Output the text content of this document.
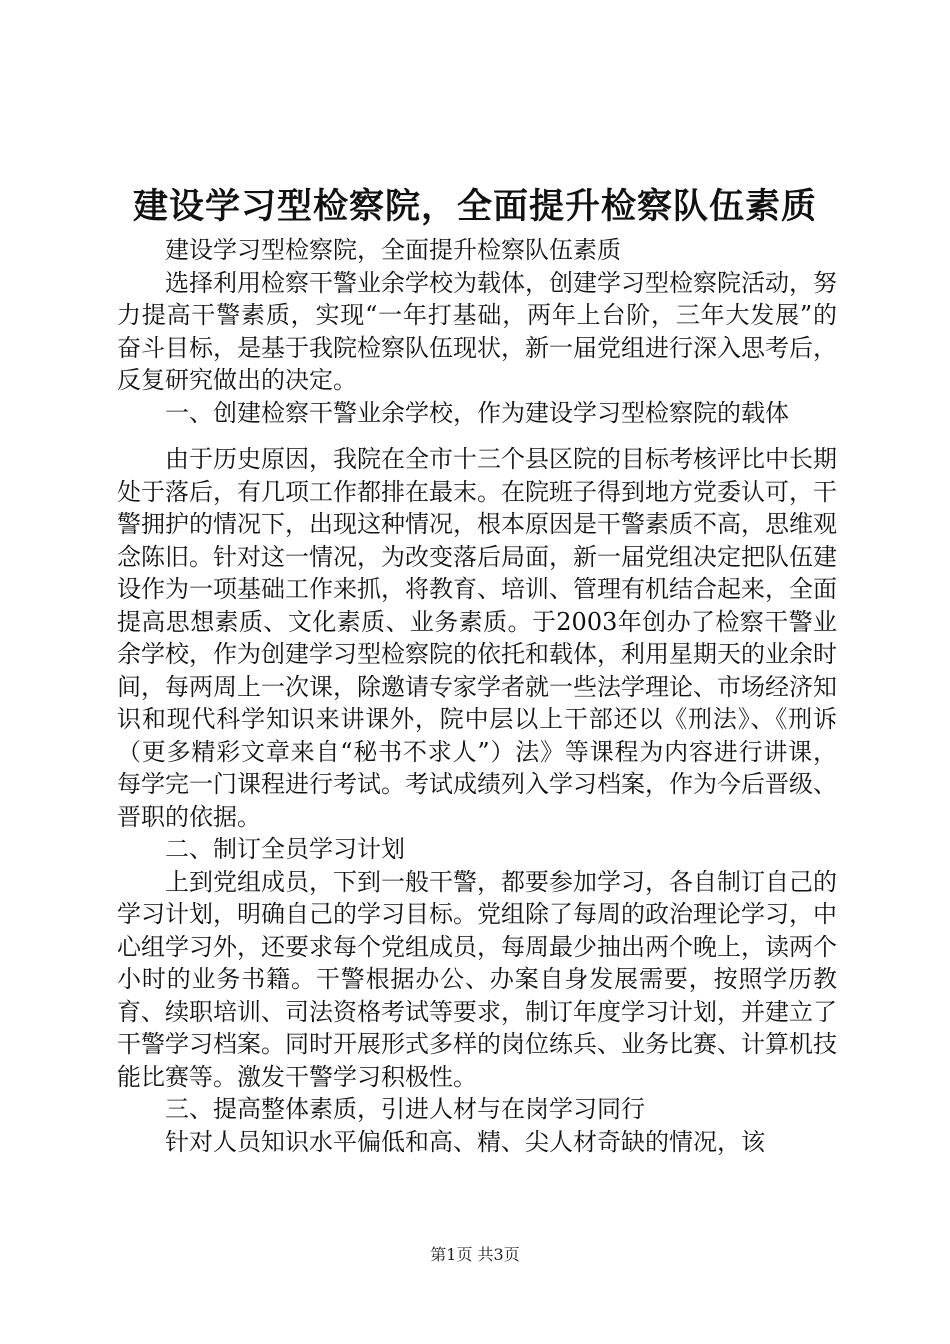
建设学习型检察院，全面提升检察队伍素质

建设学习型检察院，全面提升检察队伍素质

选择利用检察干警业余学校为载体，创建学习型检察院活动，努力提高干警素质，实现“一年打基础，两年上台阶，三年大发展”的奋斗目标，是基于我院检察队伍现状，新一届党组进行深入思考后，反复研究做出的决定。

一、创建检察干警业余学校，作为建设学习型检察院的载体

由于历史原因，我院在全市十三个县区院的目标考核评比中长期处于落后，有几项工作都排在最末。在院班子得到地方党委认可，干警拥护的情况下，出现这种情况，根本原因是干警素质不高，思维观念陈旧。针对这一情况，为改变落后局面，新一届党组决定把队伍建设作为一项基础工作来抓，将教育、培训、管理有机结合起来，全面提高思想素质、文化素质、业务素质。于2003年创办了检察干警业余学校，作为创建学习型检察院的依托和载体，利用星期天的业余时间，每两周上一次课，除邀请专家学者就一些法学理论、市场经济知识和现代科学知识来讲课外，院中层以上干部还以《刑法》、《刑诉（更多精彩文章来自“秘书不求人”）法》等课程为内容进行讲课，每学完一门课程进行考试。考试成绩列入学习档案，作为今后晋级、晋职的依据。

二、制订全员学习计划

上到党组成员，下到一般干警，都要参加学习，各自制订自己的学习计划，明确自己的学习目标。党组除了每周的政治理论学习，中心组学习外，还要求每个党组成员，每周最少抽出两个晚上，读两个小时的业务书籍。干警根据办公、办案自身发展需要，按照学历教育、续职培训、司法资格考试等要求，制订年度学习计划，并建立了干警学习档案。同时开展形式多样的岗位练兵、业务比赛、计算机技能比赛等。激发干警学习积极性。

三、提高整体素质，引进人材与在岗学习同行

针对人员知识水平偏低和高、精、尖人材奇缺的情况，该

第1页 共3页
